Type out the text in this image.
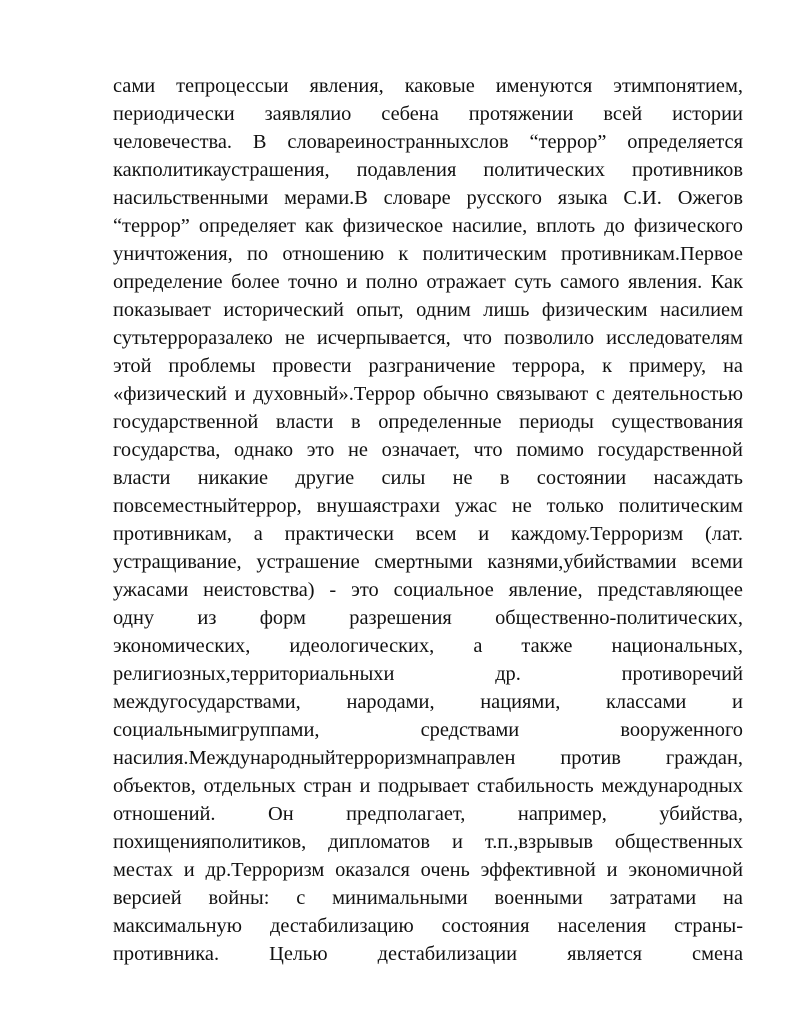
сами тепроцессыи явления, каковые именуются этимпонятием,
периодически заявлялио себена протяжении всей истории
человечества. В словареиностранныхслов “террор” определяется
какполитикаустрашения, подавления политических противников
насильственными мерами.В словаре русского языка С.И. Ожегов
“террор” определяет как физическое насилие, вплоть до физического
уничтожения, по отношению к политическим противникам.Первое
определение более точно и полно отражает суть самого явления. Как
показывает исторический опыт, одним лишь физическим насилием
сутьтерроразалеко не исчерпывается, что позволило исследователям
этой проблемы провести разграничение террора, к примеру, на
«физический и духовный».Террор обычно связывают с деятельностью
государственной власти в определенные периоды существования
государства, однако это не означает, что помимо государственной
власти никакие другие силы не в состоянии насаждать
повсеместныйтеррор, внушаястрахи ужас не только политическим
противникам, а практически всем и каждому.Терроризм (лат.
устращивание, устрашение смертными казнями,убийствамии всеми
ужасами неистовства) - это социальное явление, представляющее
одну из форм разрешения общественно-политических,
экономических, идеологических, а также национальных,
религиозных,территориальныхи	др.	противоречий
междугосударствами, народами, нациями, классами и
социальнымигруппами,	средствами	вооруженного
насилия.Международныйтерроризмнаправлен против граждан,
объектов, отдельных стран и подрывает стабильность международных
отношений.	Он	предполагает,	например,	убийства,
похищенияполитиков, дипломатов и т.п.,взрывыв общественных
местах и др.Терроризм оказался очень эффективной и экономичной
версией войны: с минимальными военными затратами на
максимальную дестабилизацию состояния населения страны-
противника. Целью дестабилизации является смена
